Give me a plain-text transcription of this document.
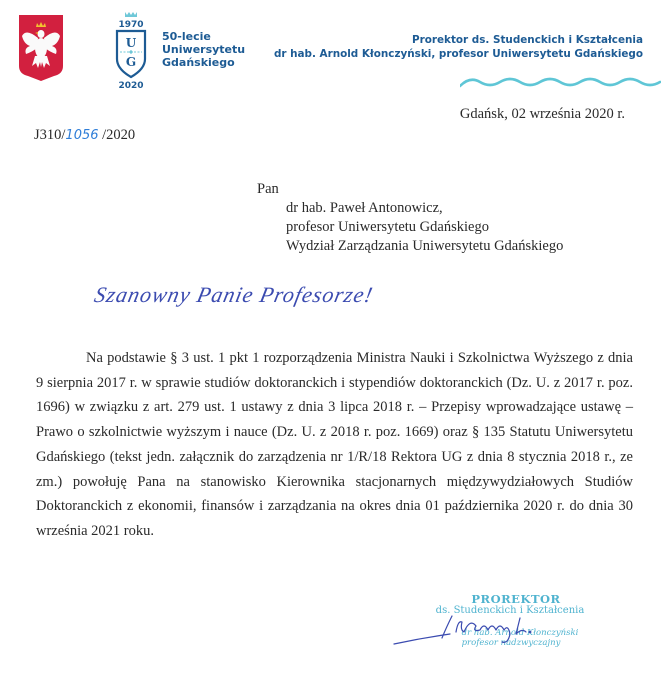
1970
U
G
2020
50-lecie
Uniwersytetu
Gdańskiego
Prorektor ds. Studenckich i Kształcenia
dr hab. Arnold Kłonczyński, profesor Uniwersytetu Gdańskiego
Gdańsk, 02 września 2020 r.
J310/1056 /2020
Pan
dr hab. Paweł Antonowicz,
profesor Uniwersytetu Gdańskiego
Wydział Zarządzania Uniwersytetu Gdańskiego
Szanowny Panie Profesorze!
Na podstawie § 3 ust. 1 pkt 1 rozporządzenia Ministra Nauki i Szkolnictwa Wyższego z dnia 9 sierpnia 2017 r. w sprawie studiów doktoranckich i stypendiów doktoranckich (Dz. U. z 2017 r. poz. 1696) w związku z art. 279 ust. 1 ustawy z dnia 3 lipca 2018 r. – Przepisy wprowadzające ustawę – Prawo o szkolnictwie wyższym i nauce (Dz. U. z 2018 r. poz. 1669) oraz § 135 Statutu Uniwersytetu Gdańskiego (tekst jedn. załącznik do zarządzenia nr 1/R/18 Rektora UG z dnia 8 stycznia 2018 r., ze zm.) powołuję Pana na stanowisko Kierownika stacjonarnych międzywydziałowych Studiów Doktoranckich z ekonomii, finansów i zarządzania na okres dnia 01 października 2020 r. do dnia 30 września 2021 roku.
PROREKTOR
ds. Studenckich i Kształcenia
dr hab. Arnold Kłonczyński
profesor nadzwyczajny
